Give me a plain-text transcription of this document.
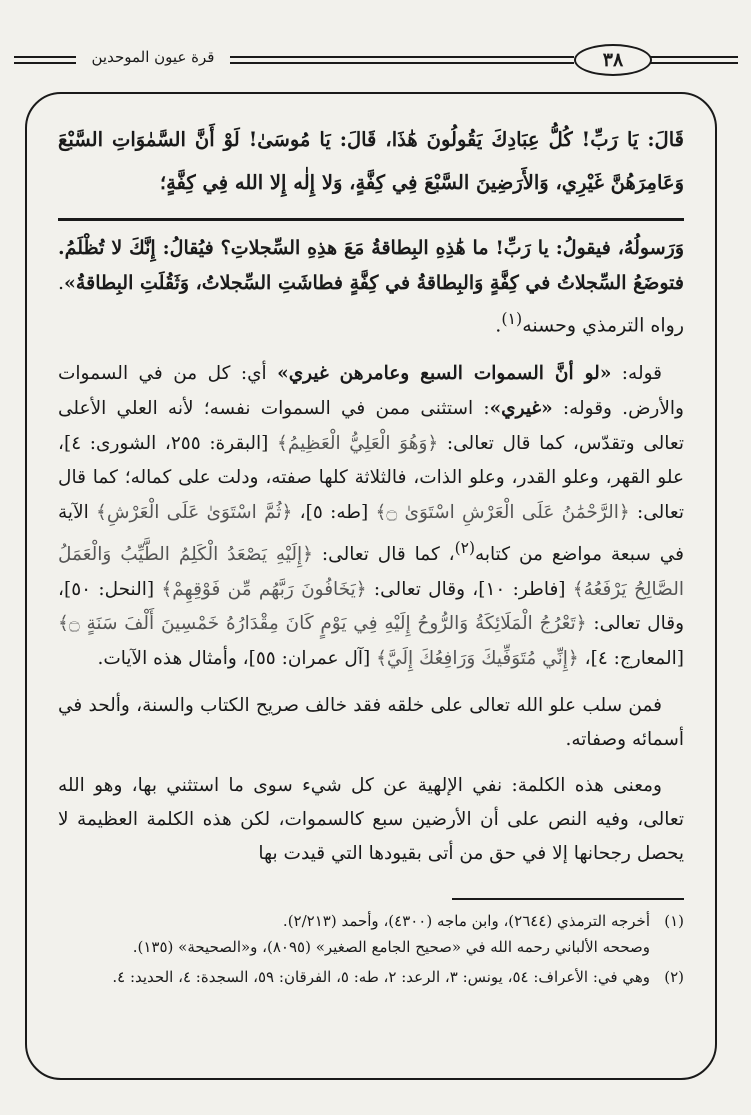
٣٨
قرة عيون الموحدين

قَالَ: يَا رَبِّ! كُلُّ عِبَادِكَ يَقُولُونَ هَٰذَا، قَالَ: يَا مُوسَىٰ! لَوْ أَنَّ السَّمٰوَاتِ السَّبْعَ وَعَامِرَهُنَّ غَيْرِي، وَالأَرَضِينَ السَّبْعَ فِي كِفَّةٍ، وَلا إِلٰه إِلا الله فِي كِفَّةٍ؛

وَرَسولُهُ، فيقولُ: يا رَبِّ! ما هَٰذِهِ البِطاقةُ مَعَ هذِهِ السِّجلاتِ؟ فيُقالُ: إِنَّكَ لا تُظْلَمُ. فتوضَعُ السِّجلاتُ في كِفَّةٍ وَالبِطاقةُ في كِفَّةٍ فطاشَتِ السِّجلاتُ، وَثَقُلَتِ البِطاقةُ». رواه الترمذي وحسنه$^{(١)}$.

قوله: «لو أنَّ السموات السبع وعامرهن غيري» أي: كل من في السموات والأرض. وقوله: «غيري»: استثنى ممن في السموات نفسه؛ لأنه العلي الأعلى تعالى وتقدّس، كما قال تعالى: ﴿وَهُوَ الْعَلِيُّ الْعَظِيمُ﴾ [البقرة: ٢٥٥، الشورى: ٤]، علو القهر، وعلو القدر، وعلو الذات، فالثلاثة كلها صفته، ودلت على كماله؛ كما قال تعالى: ﴿الرَّحْمَٰنُ عَلَى الْعَرْشِ اسْتَوَىٰ ۝﴾ [طه: ٥]، ﴿ثُمَّ اسْتَوَىٰ عَلَى الْعَرْشِ﴾ الآية في سبعة مواضع من كتابه$^{(٢)}$، كما قال تعالى: ﴿إِلَيْهِ يَصْعَدُ الْكَلِمُ الطَّيِّبُ وَالْعَمَلُ الصَّالِحُ يَرْفَعُهُ﴾ [فاطر: ١٠]، وقال تعالى: ﴿يَخَافُونَ رَبَّهُم مِّن فَوْقِهِمْ﴾ [النحل: ٥٠]، وقال تعالى: ﴿تَعْرُجُ الْمَلَائِكَةُ وَالرُّوحُ إِلَيْهِ فِي يَوْمٍ كَانَ مِقْدَارُهُ خَمْسِينَ أَلْفَ سَنَةٍ ۝﴾ [المعارج: ٤]، ﴿إِنِّي مُتَوَفِّيكَ وَرَافِعُكَ إِلَيَّ﴾ [آل عمران: ٥٥]، وأمثال هذه الآيات.

فمن سلب علو الله تعالى على خلقه فقد خالف صريح الكتاب والسنة، وألحد في أسمائه وصفاته.

ومعنى هذه الكلمة: نفي الإلهية عن كل شيء سوى ما استثني بها، وهو الله تعالى، وفيه النص على أن الأرضين سبع كالسموات، لكن هذه الكلمة العظيمة لا يحصل رجحانها إلا في حق من أتى بقيودها التي قيدت بها

(١)أخرجه الترمذي (٢٦٤٤)، وابن ماجه (٤٣٠٠)، وأحمد (٢/٢١٣).
وصححه الألباني رحمه الله في «صحيح الجامع الصغير» (٨٠٩٥)، و«الصحيحة» (١٣٥).
(٢)وهي في: الأعراف: ٥٤، يونس: ٣، الرعد: ٢، طه: ٥، الفرقان: ٥٩، السجدة: ٤، الحديد: ٤.
